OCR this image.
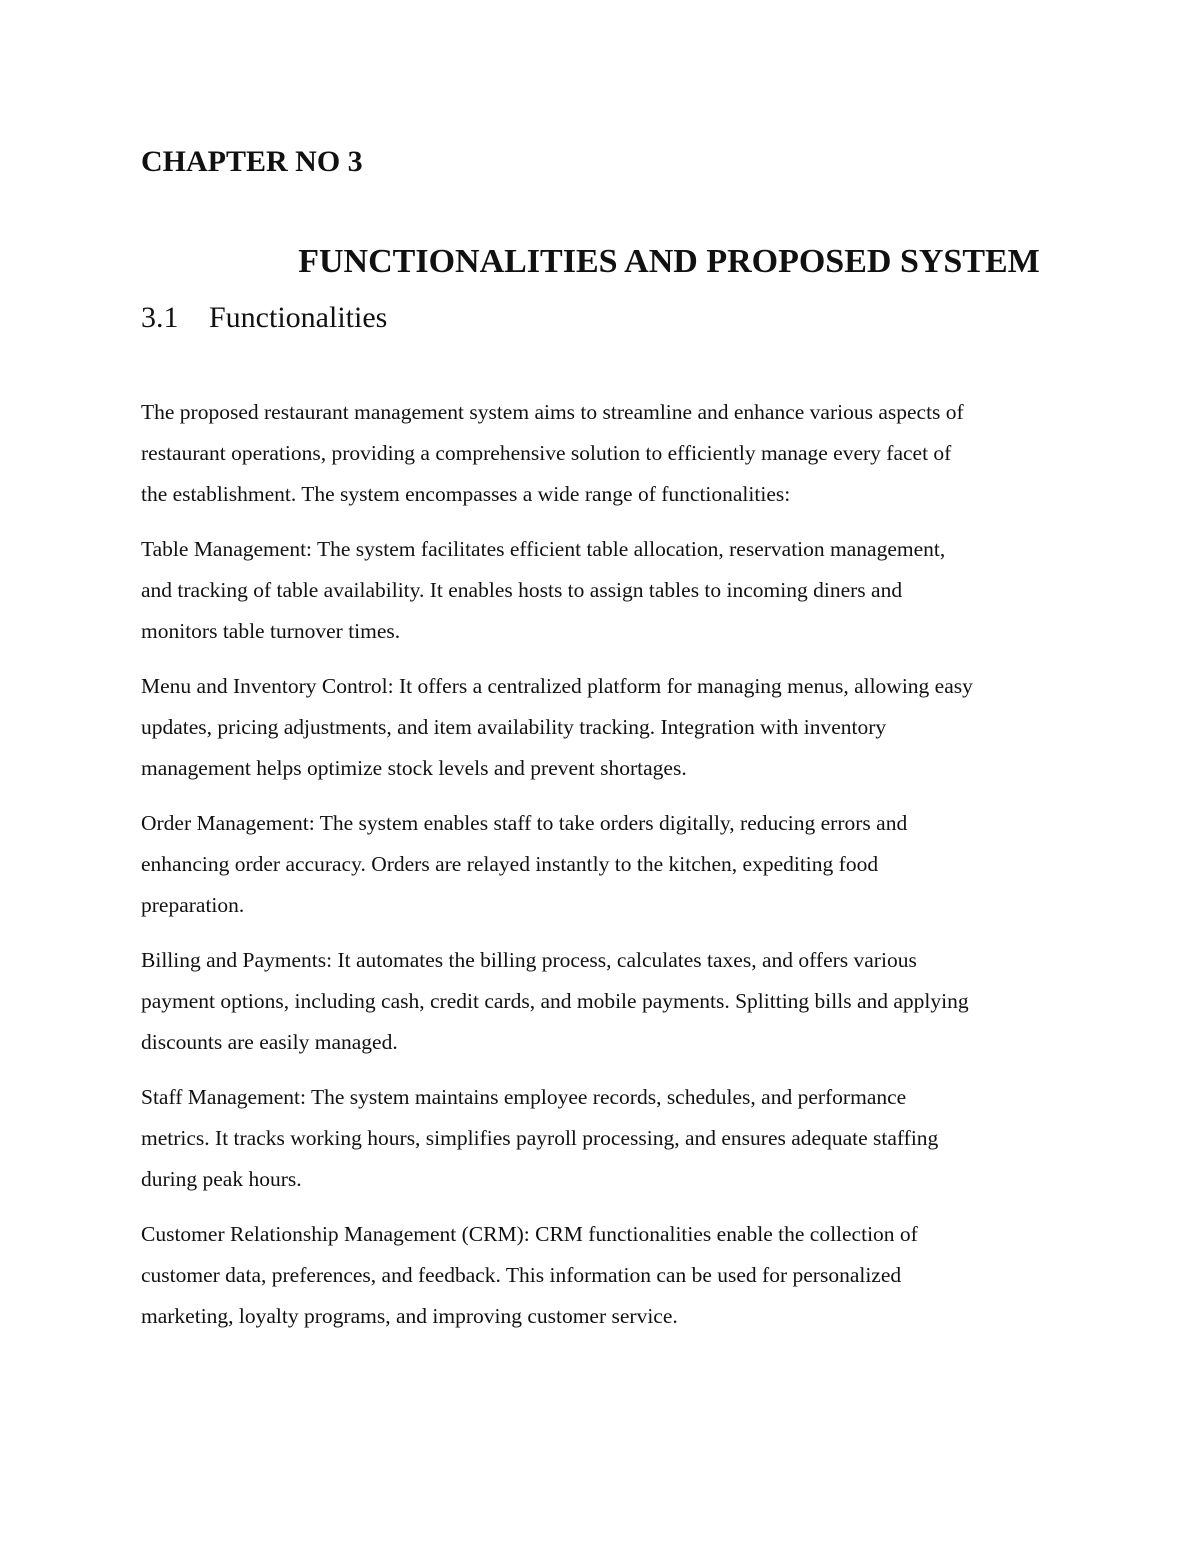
CHAPTER NO 3
FUNCTIONALITIES AND PROPOSED SYSTEM
3.1 Functionalities

The proposed restaurant management system aims to streamline and enhance various aspects of
restaurant operations, providing a comprehensive solution to efficiently manage every facet of
the establishment. The system encompasses a wide range of functionalities:

Table Management: The system facilitates efficient table allocation, reservation management,
and tracking of table availability. It enables hosts to assign tables to incoming diners and
monitors table turnover times.

Menu and Inventory Control: It offers a centralized platform for managing menus, allowing easy
updates, pricing adjustments, and item availability tracking. Integration with inventory
management helps optimize stock levels and prevent shortages.

Order Management: The system enables staff to take orders digitally, reducing errors and
enhancing order accuracy. Orders are relayed instantly to the kitchen, expediting food
preparation.

Billing and Payments: It automates the billing process, calculates taxes, and offers various
payment options, including cash, credit cards, and mobile payments. Splitting bills and applying
discounts are easily managed.

Staff Management: The system maintains employee records, schedules, and performance
metrics. It tracks working hours, simplifies payroll processing, and ensures adequate staffing
during peak hours.

Customer Relationship Management (CRM): CRM functionalities enable the collection of
customer data, preferences, and feedback. This information can be used for personalized
marketing, loyalty programs, and improving customer service.
